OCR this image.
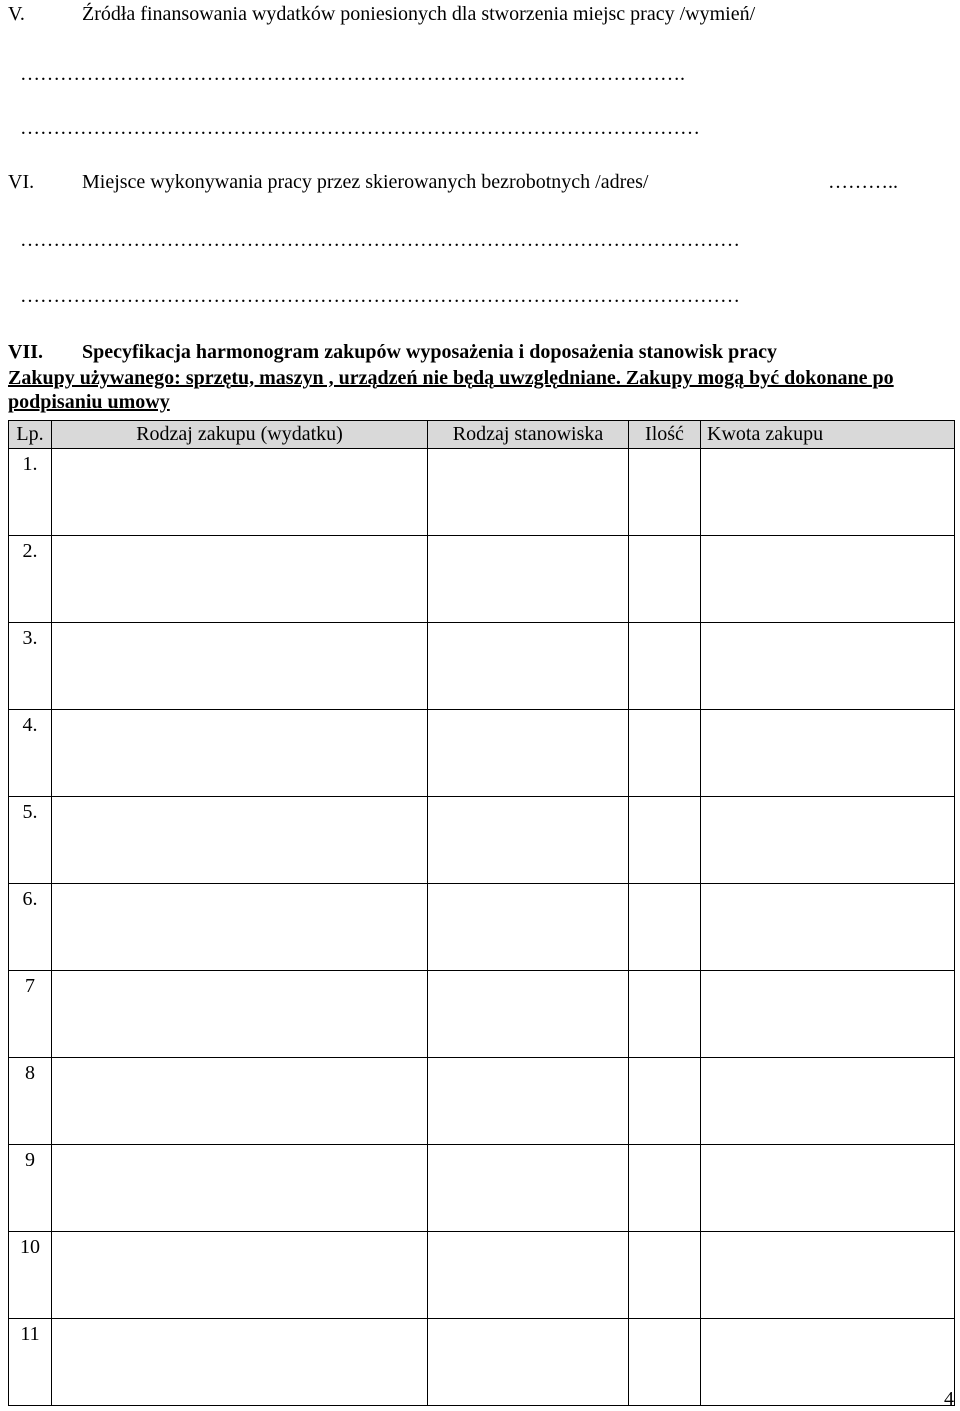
V.	Źródła finansowania wydatków poniesionych dla stworzenia miejsc pracy /wymień/
……………………………………………………………………………………….
…………………………………………………………………………………………
VI. Miejsce wykonywania pracy przez skierowanych bezrobotnych /adres/	………..
………………………………………………………………………………………………
………………………………………………………………………………………………
VII. Specyfikacja harmonogram zakupów wyposażenia i doposażenia stanowisk pracy
Zakupy używanego: sprzętu, maszyn , urządzeń nie będą uwzględniane. Zakupy mogą być dokonane po podpisaniu umowy
Lp.	Rodzaj zakupu (wydatku)	Rodzaj stanowiska	Ilość	Kwota zakupu
1.				
2.				
3.				
4.				
5.				
6.				
7				
8				
9				
10				
11				
4
